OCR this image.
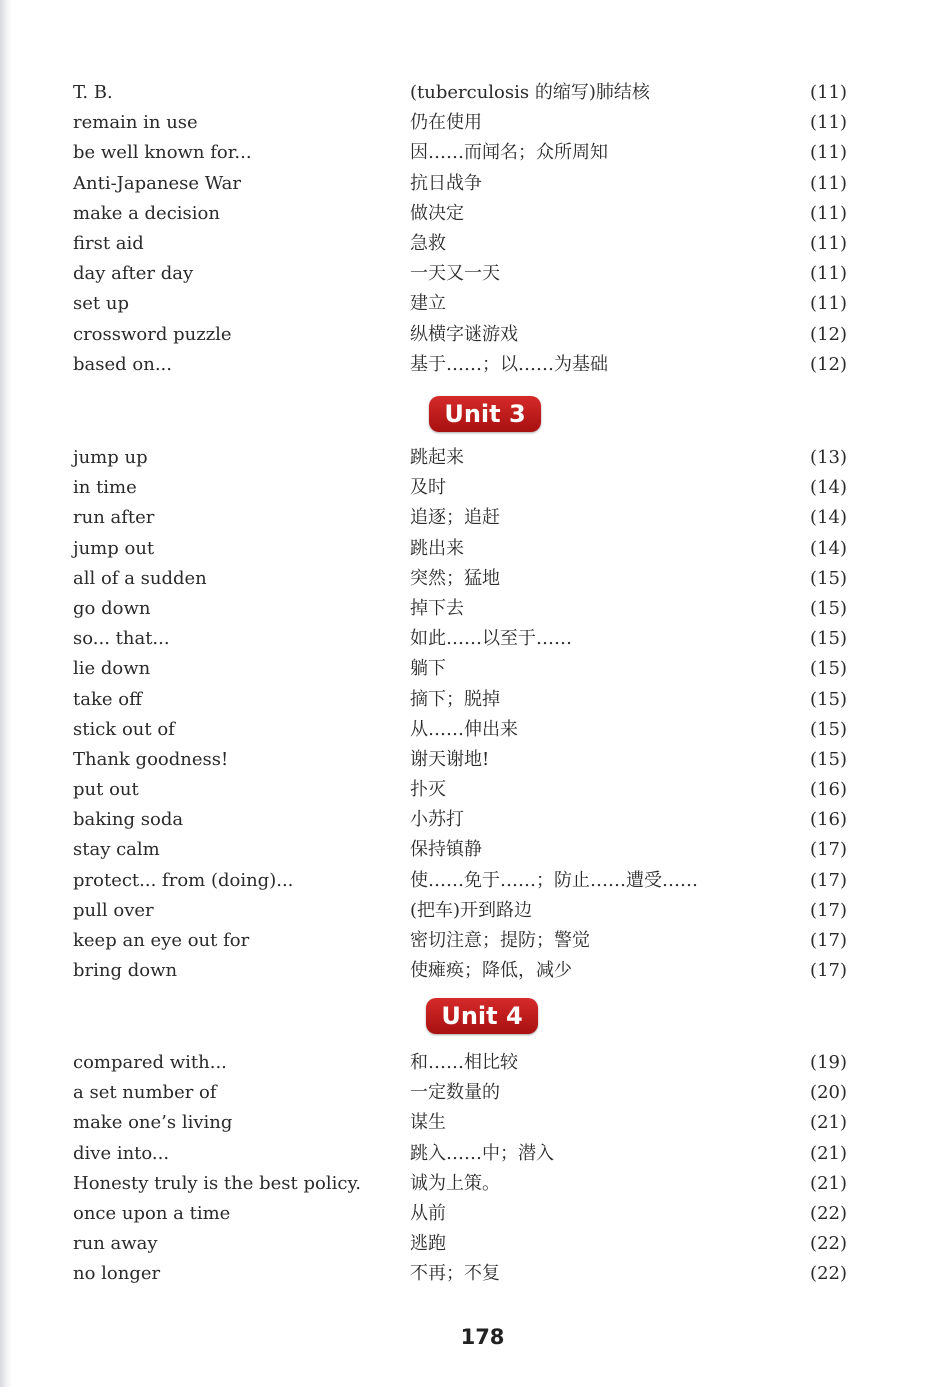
T. B.	(tuberculosis 的缩写)肺结核	(11)
remain in use	仍在使用	(11)
be well known for...	因……而闻名；众所周知	(11)
Anti-Japanese War	抗日战争	(11)
make a decision	做决定	(11)
first aid	急救	(11)
day after day	一天又一天	(11)
set up	建立	(11)
crossword puzzle	纵横字谜游戏	(12)
based on...	基于……；以……为基础	(12)
Unit 3
jump up	跳起来	(13)
in time	及时	(14)
run after	追逐；追赶	(14)
jump out	跳出来	(14)
all of a sudden	突然；猛地	(15)
go down	掉下去	(15)
so... that...	如此……以至于……	(15)
lie down	躺下	(15)
take off	摘下；脱掉	(15)
stick out of	从……伸出来	(15)
Thank goodness!	谢天谢地!	(15)
put out	扑灭	(16)
baking soda	小苏打	(16)
stay calm	保持镇静	(17)
protect... from (doing)...	使……免于……；防止……遭受……	(17)
pull over	(把车)开到路边	(17)
keep an eye out for	密切注意；提防；警觉	(17)
bring down	使瘫痪；降低，减少	(17)
Unit 4
compared with...	和……相比较	(19)
a set number of	一定数量的	(20)
make one’s living	谋生	(21)
dive into...	跳入……中；潜入	(21)
Honesty truly is the best policy.	诚为上策。	(21)
once upon a time	从前	(22)
run away	逃跑	(22)
no longer	不再；不复	(22)
178
